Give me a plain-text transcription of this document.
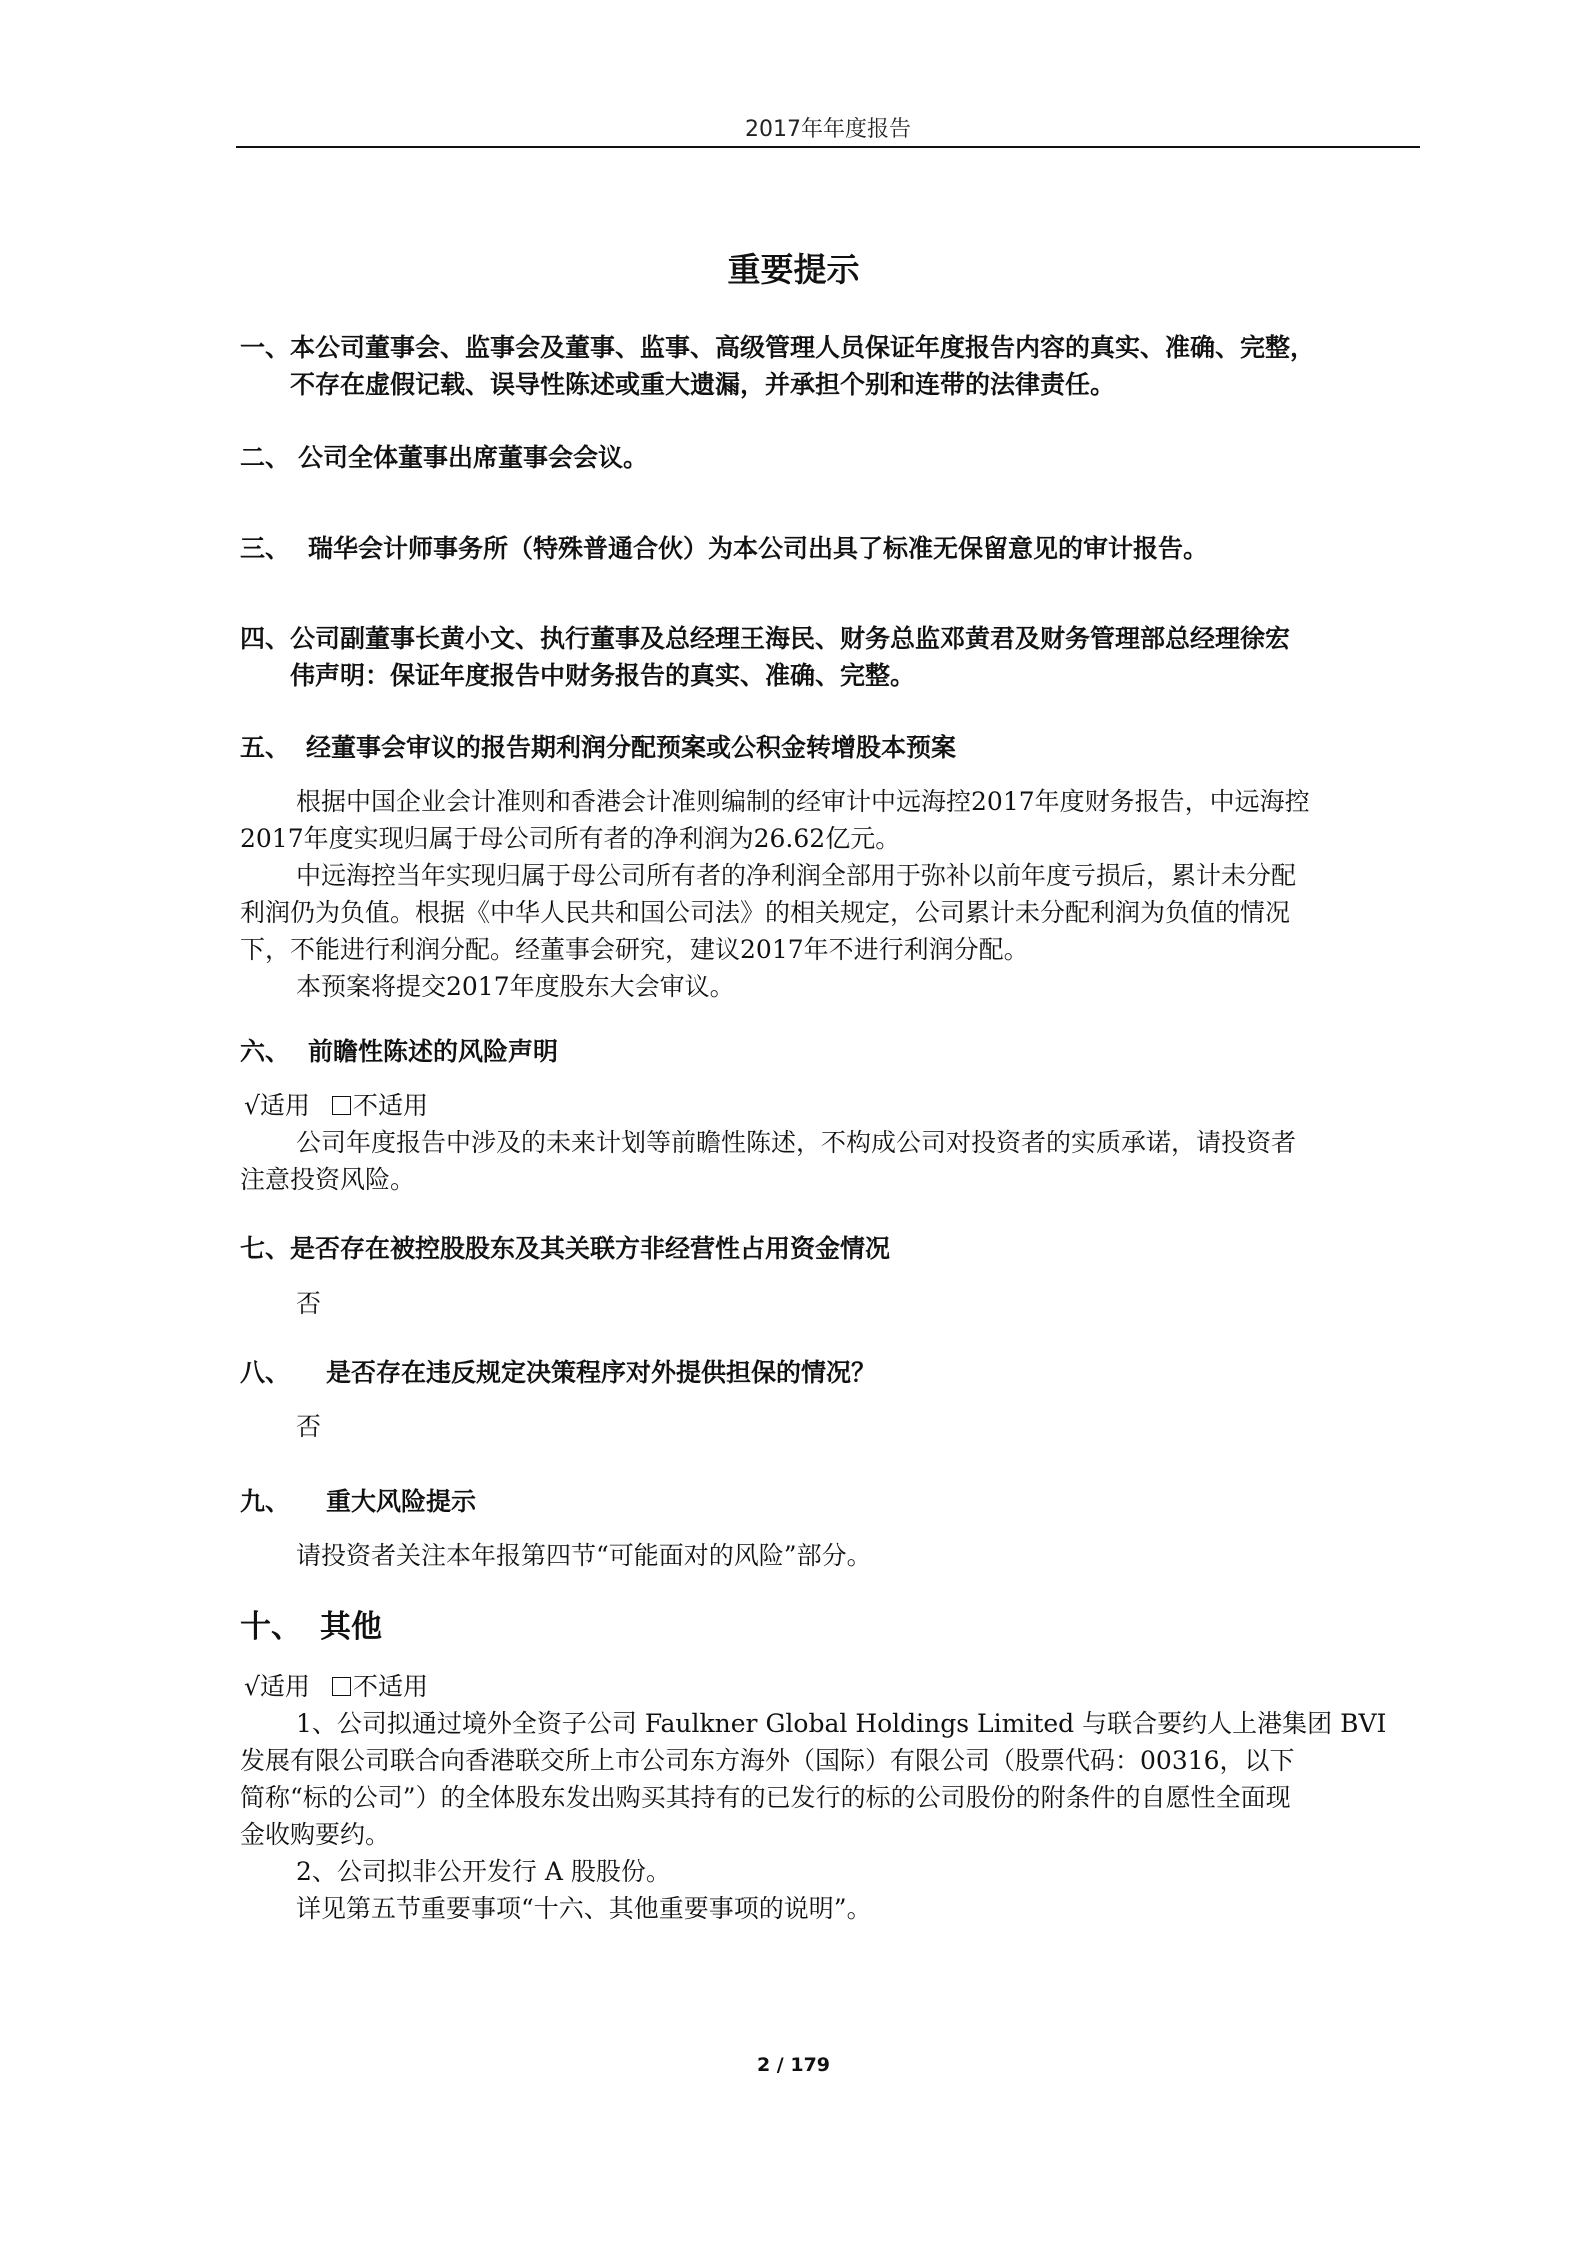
2017年年度报告
重要提示
一、本公司董事会、监事会及董事、监事、高级管理人员保证年度报告内容的真实、准确、完整，
不存在虚假记载、误导性陈述或重大遗漏，并承担个别和连带的法律责任。
二、 公司全体董事出席董事会会议。
三、 瑞华会计师事务所（特殊普通合伙）为本公司出具了标准无保留意见的审计报告。
四、公司副董事长黄小文、执行董事及总经理王海民、财务总监邓黄君及财务管理部总经理徐宏
伟声明：保证年度报告中财务报告的真实、准确、完整。
五、 经董事会审议的报告期利润分配预案或公积金转增股本预案
根据中国企业会计准则和香港会计准则编制的经审计中远海控2017年度财务报告，中远海控
2017年度实现归属于母公司所有者的净利润为26.62亿元。
中远海控当年实现归属于母公司所有者的净利润全部用于弥补以前年度亏损后，累计未分配
利润仍为负值。根据《中华人民共和国公司法》的相关规定，公司累计未分配利润为负值的情况
下，不能进行利润分配。经董事会研究，建议2017年不进行利润分配。
本预案将提交2017年度股东大会审议。
六、 前瞻性陈述的风险声明
√适用 不适用
公司年度报告中涉及的未来计划等前瞻性陈述，不构成公司对投资者的实质承诺，请投资者
注意投资风险。
七、是否存在被控股股东及其关联方非经营性占用资金情况
否
八、 是否存在违反规定决策程序对外提供担保的情况？
否
九、 重大风险提示
请投资者关注本年报第四节“可能面对的风险”部分。
十、 其他
√适用 不适用
1、公司拟通过境外全资子公司 Faulkner Global Holdings Limited 与联合要约人上港集团 BVI
发展有限公司联合向香港联交所上市公司东方海外（国际）有限公司（股票代码：00316，以下
简称“标的公司”）的全体股东发出购买其持有的已发行的标的公司股份的附条件的自愿性全面现
金收购要约。
2、公司拟非公开发行 A 股股份。
详见第五节重要事项“十六、其他重要事项的说明”。
2 / 179
